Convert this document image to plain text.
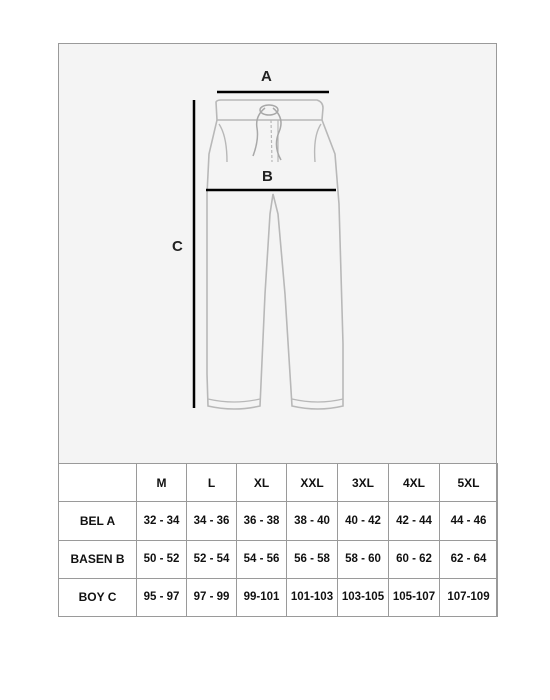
A
B
C
	M	L	XL	XXL	3XL	4XL	5XL
BEL A	32 - 34	34 - 36	36 - 38	38 - 40	40 - 42	42 - 44	44 - 46
BASEN B	50 - 52	52 - 54	54 - 56	56 - 58	58 - 60	60 - 62	62 - 64
BOY C	95 - 97	97 - 99	99-101	101-103	103-105	105-107	107-109
